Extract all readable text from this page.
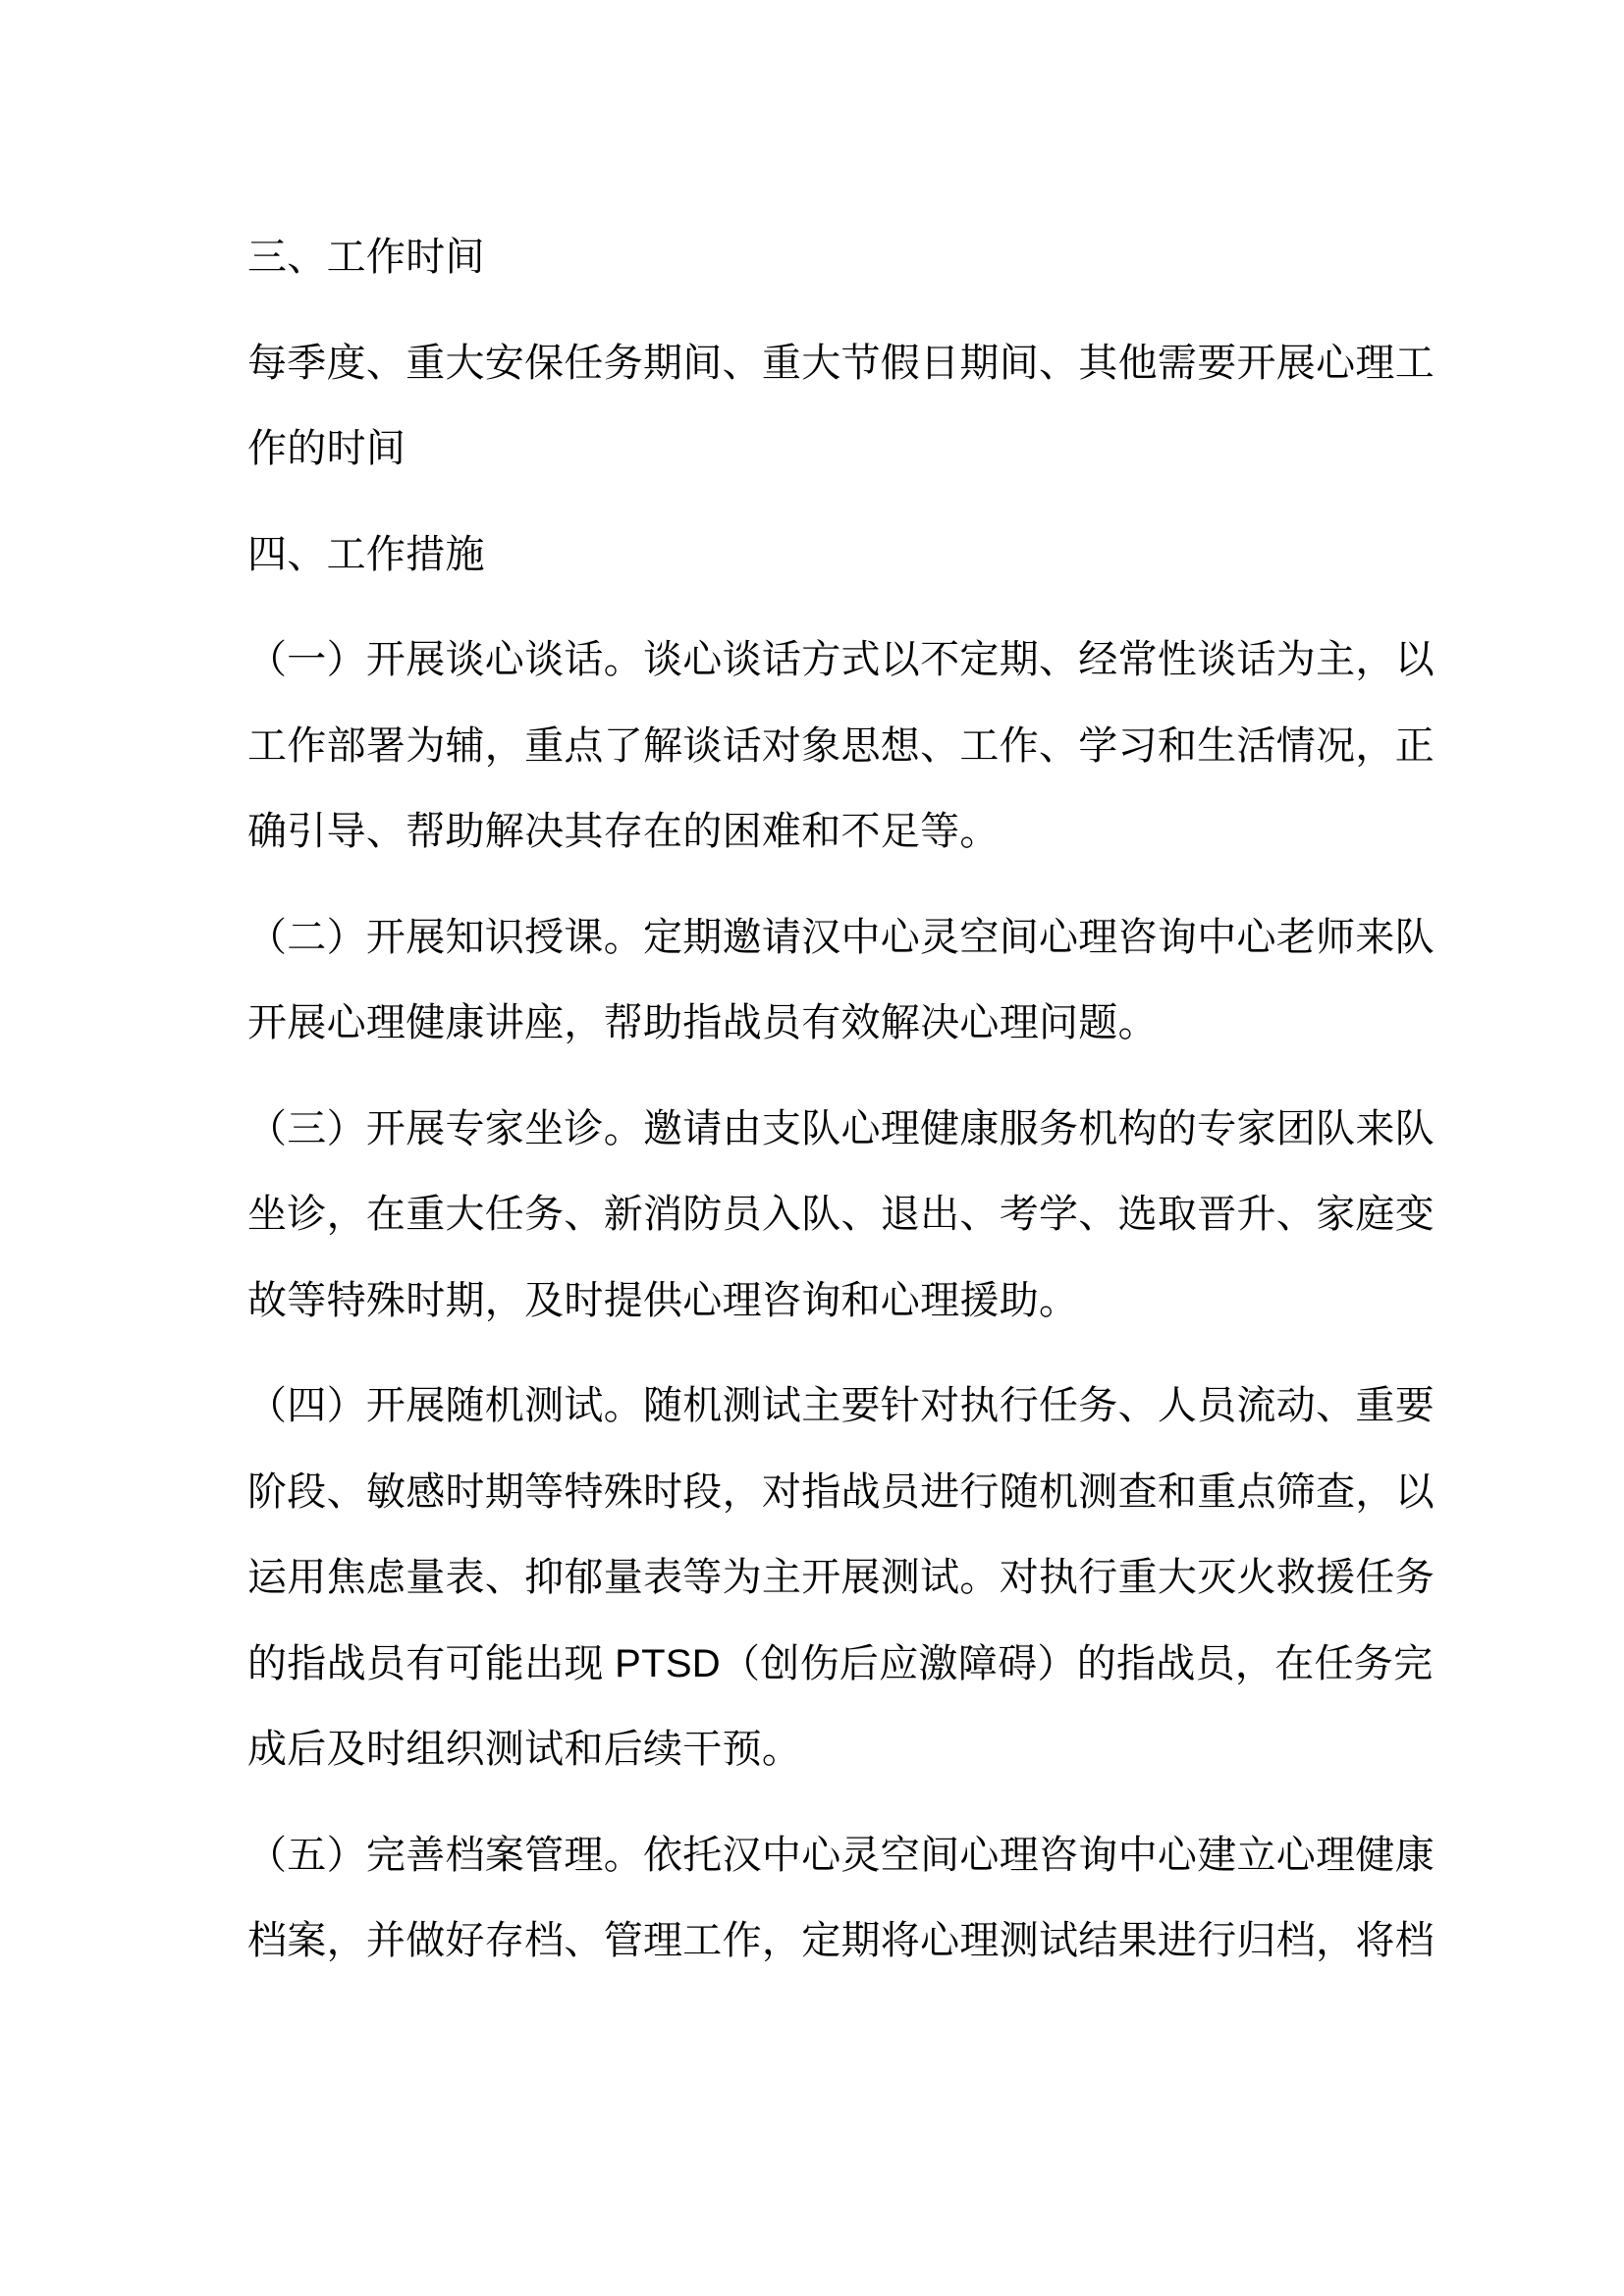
三、工作时间
每季度、重大安保任务期间、重大节假日期间、其他需要开展心理工
作的时间
四、工作措施
（一）开展谈心谈话。谈心谈话方式以不定期、经常性谈话为主，以
工作部署为辅，重点了解谈话对象思想、工作、学习和生活情况，正
确引导、帮助解决其存在的困难和不足等。
（二）开展知识授课。定期邀请汉中心灵空间心理咨询中心老师来队
开展心理健康讲座，帮助指战员有效解决心理问题。
（三）开展专家坐诊。邀请由支队心理健康服务机构的专家团队来队
坐诊，在重大任务、新消防员入队、退出、考学、选取晋升、家庭变
故等特殊时期，及时提供心理咨询和心理援助。
（四）开展随机测试。随机测试主要针对执行任务、人员流动、重要
阶段、敏感时期等特殊时段，对指战员进行随机测查和重点筛查，以
运用焦虑量表、抑郁量表等为主开展测试。对执行重大灭火救援任务
的指战员有可能出现 PTSD（创伤后应激障碍）的指战员，在任务完
成后及时组织测试和后续干预。
（五）完善档案管理。依托汉中心灵空间心理咨询中心建立心理健康
档案，并做好存档、管理工作，定期将心理测试结果进行归档，将档
